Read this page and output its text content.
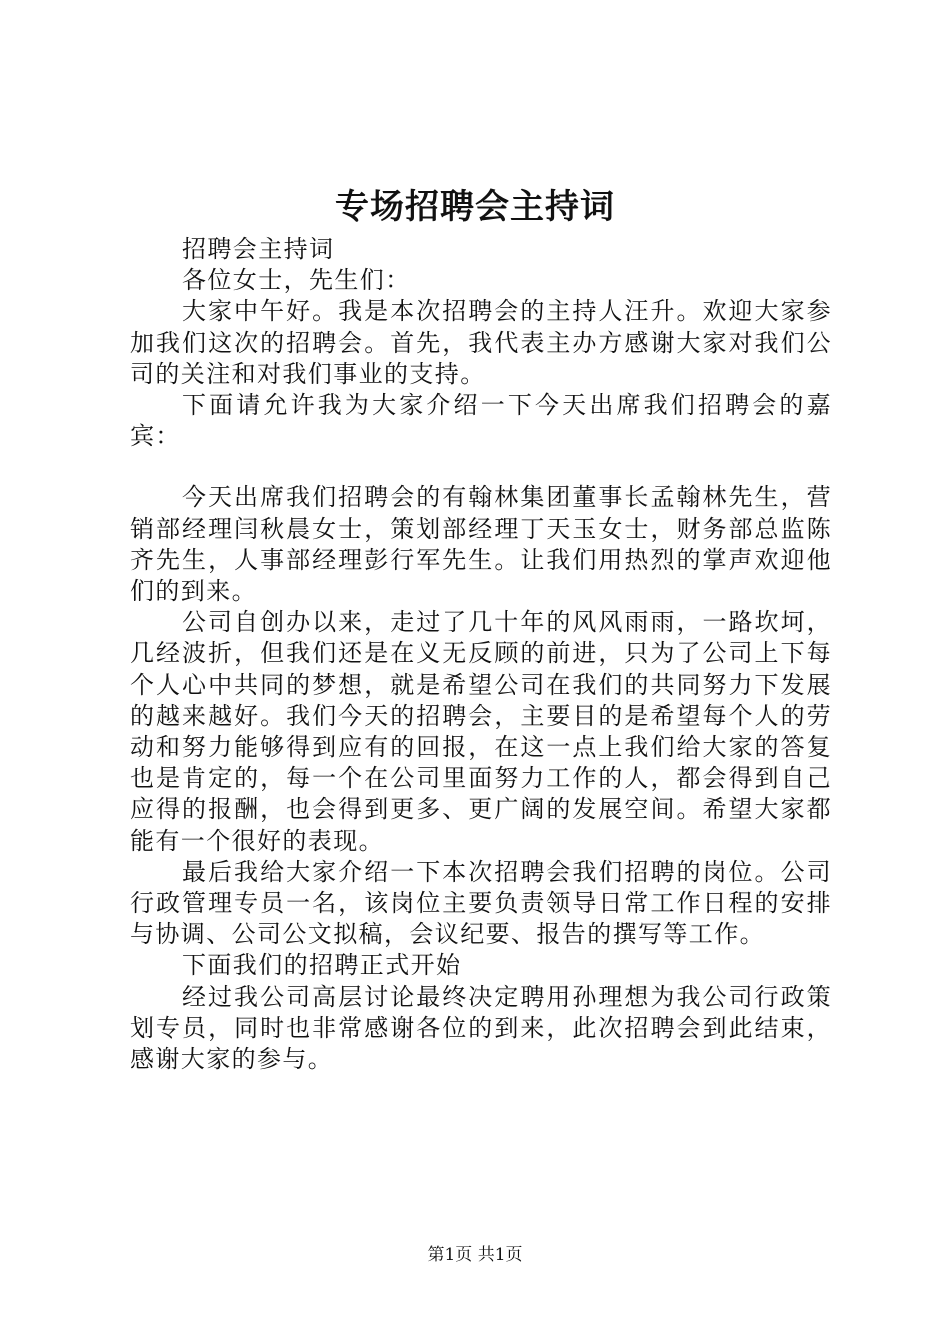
专场招聘会主持词

招聘会主持词

各位女士，先生们：

大家中午好。我是本次招聘会的主持人汪升。欢迎大家参加我们这次的招聘会。首先，我代表主办方感谢大家对我们公司的关注和对我们事业的支持。

下面请允许我为大家介绍一下今天出席我们招聘会的嘉宾：

今天出席我们招聘会的有翰林集团董事长孟翰林先生，营销部经理闫秋晨女士，策划部经理丁天玉女士，财务部总监陈齐先生，人事部经理彭行军先生。让我们用热烈的掌声欢迎他们的到来。

公司自创办以来，走过了几十年的风风雨雨，一路坎坷，几经波折，但我们还是在义无反顾的前进，只为了公司上下每个人心中共同的梦想，就是希望公司在我们的共同努力下发展的越来越好。我们今天的招聘会，主要目的是希望每个人的劳动和努力能够得到应有的回报，在这一点上我们给大家的答复也是肯定的，每一个在公司里面努力工作的人，都会得到自己应得的报酬，也会得到更多、更广阔的发展空间。希望大家都能有一个很好的表现。

最后我给大家介绍一下本次招聘会我们招聘的岗位。公司行政管理专员一名，该岗位主要负责领导日常工作日程的安排与协调、公司公文拟稿，会议纪要、报告的撰写等工作。

下面我们的招聘正式开始

经过我公司高层讨论最终决定聘用孙理想为我公司行政策划专员，同时也非常感谢各位的到来，此次招聘会到此结束，感谢大家的参与。

第1页 共1页
